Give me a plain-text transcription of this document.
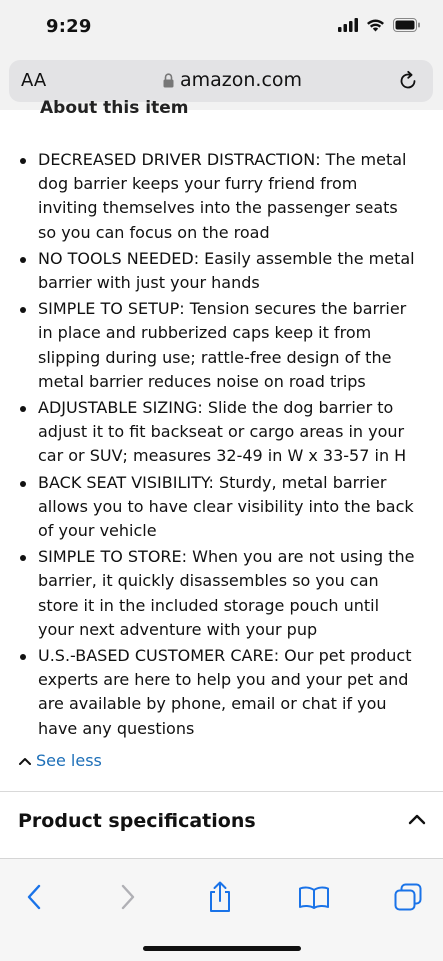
9:29
AA	amazon.com
About this item
DECREASED DRIVER DISTRACTION: The metal dog barrier keeps your furry friend from inviting themselves into the passenger seats so you can focus on the road
NO TOOLS NEEDED: Easily assemble the metal barrier with just your hands
SIMPLE TO SETUP: Tension secures the barrier in place and rubberized caps keep it from slipping during use; rattle-free design of the metal barrier reduces noise on road trips
ADJUSTABLE SIZING: Slide the dog barrier to adjust it to fit backseat or cargo areas in your car or SUV; measures 32-49 in W x 33-57 in H
BACK SEAT VISIBILITY: Sturdy, metal barrier allows you to have clear visibility into the back of your vehicle
SIMPLE TO STORE: When you are not using the barrier, it quickly disassembles so you can store it in the included storage pouch until your next adventure with your pup
U.S.-BASED CUSTOMER CARE: Our pet product experts are here to help you and your pet and are available by phone, email or chat if you have any questions
See less
Product specifications
